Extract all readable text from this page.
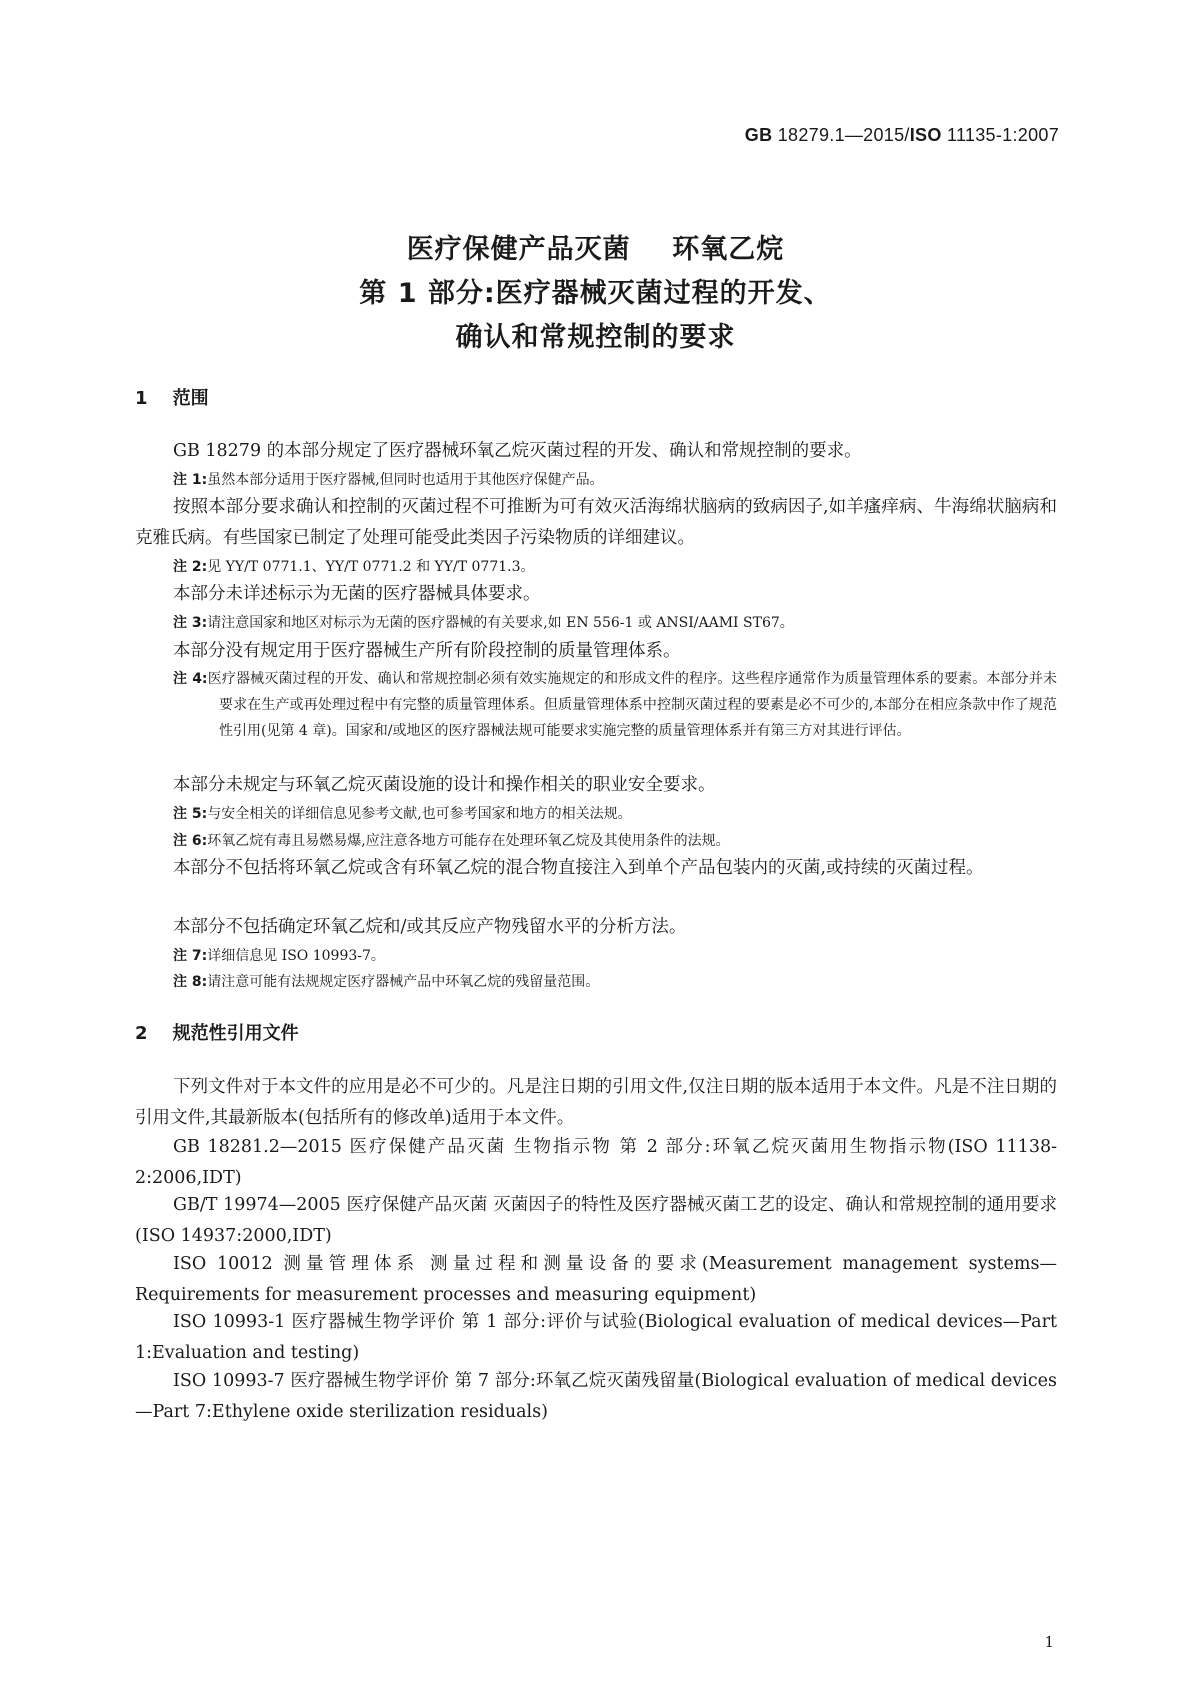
GB 18279.1—2015/ISO 11135-1:2007
医疗保健产品灭菌    环氧乙烷
第 1 部分:医疗器械灭菌过程的开发、
确认和常规控制的要求
1    范围
GB 18279 的本部分规定了医疗器械环氧乙烷灭菌过程的开发、确认和常规控制的要求。
注 1:虽然本部分适用于医疗器械,但同时也适用于其他医疗保健产品。
按照本部分要求确认和控制的灭菌过程不可推断为可有效灭活海绵状脑病的致病因子,如羊瘙痒病、牛海绵状脑病和克雅氏病。有些国家已制定了处理可能受此类因子污染物质的详细建议。
注 2:见 YY/T 0771.1、YY/T 0771.2 和 YY/T 0771.3。
本部分未详述标示为无菌的医疗器械具体要求。
注 3:请注意国家和地区对标示为无菌的医疗器械的有关要求,如 EN 556-1 或 ANSI/AAMI ST67。
本部分没有规定用于医疗器械生产所有阶段控制的质量管理体系。
注 4:医疗器械灭菌过程的开发、确认和常规控制必须有效实施规定的和形成文件的程序。这些程序通常作为质量管理体系的要素。本部分并未要求在生产或再处理过程中有完整的质量管理体系。但质量管理体系中控制灭菌过程的要素是必不可少的,本部分在相应条款中作了规范性引用(见第 4 章)。国家和/或地区的医疗器械法规可能要求实施完整的质量管理体系并有第三方对其进行评估。
本部分未规定与环氧乙烷灭菌设施的设计和操作相关的职业安全要求。
注 5:与安全相关的详细信息见参考文献,也可参考国家和地方的相关法规。
注 6:环氧乙烷有毒且易燃易爆,应注意各地方可能存在处理环氧乙烷及其使用条件的法规。
本部分不包括将环氧乙烷或含有环氧乙烷的混合物直接注入到单个产品包装内的灭菌,或持续的灭菌过程。
本部分不包括确定环氧乙烷和/或其反应产物残留水平的分析方法。
注 7:详细信息见 ISO 10993-7。
注 8:请注意可能有法规规定医疗器械产品中环氧乙烷的残留量范围。
2    规范性引用文件
下列文件对于本文件的应用是必不可少的。凡是注日期的引用文件,仅注日期的版本适用于本文件。凡是不注日期的引用文件,其最新版本(包括所有的修改单)适用于本文件。
GB 18281.2—2015 医疗保健产品灭菌 生物指示物 第 2 部分:环氧乙烷灭菌用生物指示物(ISO 11138-2:2006,IDT)
GB/T 19974—2005 医疗保健产品灭菌 灭菌因子的特性及医疗器械灭菌工艺的设定、确认和常规控制的通用要求(ISO 14937:2000,IDT)
ISO 10012 测量管理体系 测量过程和测量设备的要求(Measurement management systems—Requirements for measurement processes and measuring equipment)
ISO 10993-1 医疗器械生物学评价 第 1 部分:评价与试验(Biological evaluation of medical devices—Part 1:Evaluation and testing)
ISO 10993-7 医疗器械生物学评价 第 7 部分:环氧乙烷灭菌残留量(Biological evaluation of medical devices—Part 7:Ethylene oxide sterilization residuals)
1
